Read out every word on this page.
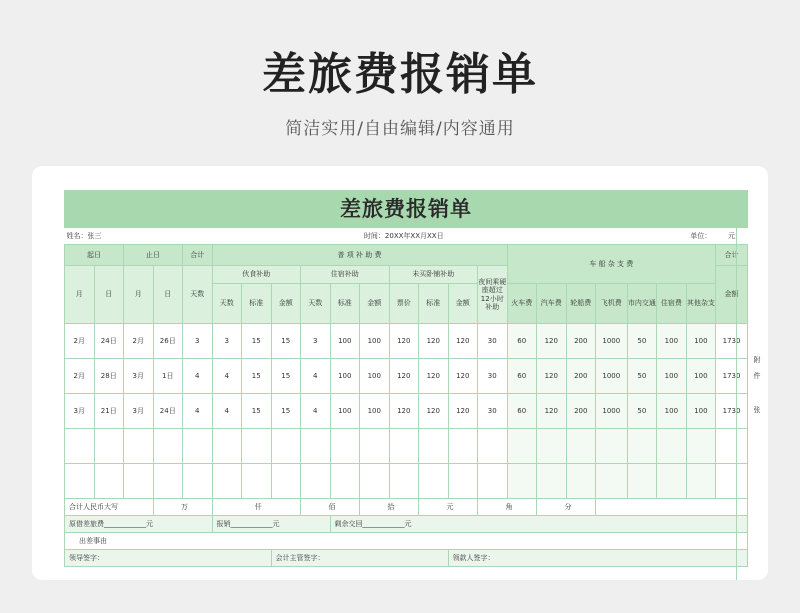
差旅费报销单
简洁实用/自由编辑/内容通用
差旅费报销单																						
姓名：张三						时间：20XX年XX月XX日															单位：	元
起日		止日		合计	普 项 补 助 费										车 船 杂 支 费							合计
月	日	月	日	天数	伙食补助			住宿补助			未买卧铺补助			夜间乘硬座超过12小时补助								金额
					天数	标准	金额	天数	标准	金额	票价	标准	金额		火车费	汽车费	轮船费	飞机费	市内交通	住宿费	其他杂支	
2月	24日	2月	26日	3	3	15	15	3	100	100	120	120	120	30	60	120	200	1000	50	100	100	1730
2月	28日	3月	1日	4	4	15	15	4	100	100	120	120	120	30	60	120	200	1000	50	100	100	1730
3月	21日	3月	24日	4	4	15	15	4	100	100	120	120	120	30	60	120	200	1000	50	100	100	1730

合计人民币大写			万		仟			佰		拾		元		角		分						
原借差旅费____________元					报销____________元				剩余交回____________元													
出差事由																						
领导签字：							会计主管签字：						领款人签字：									
附件
张
